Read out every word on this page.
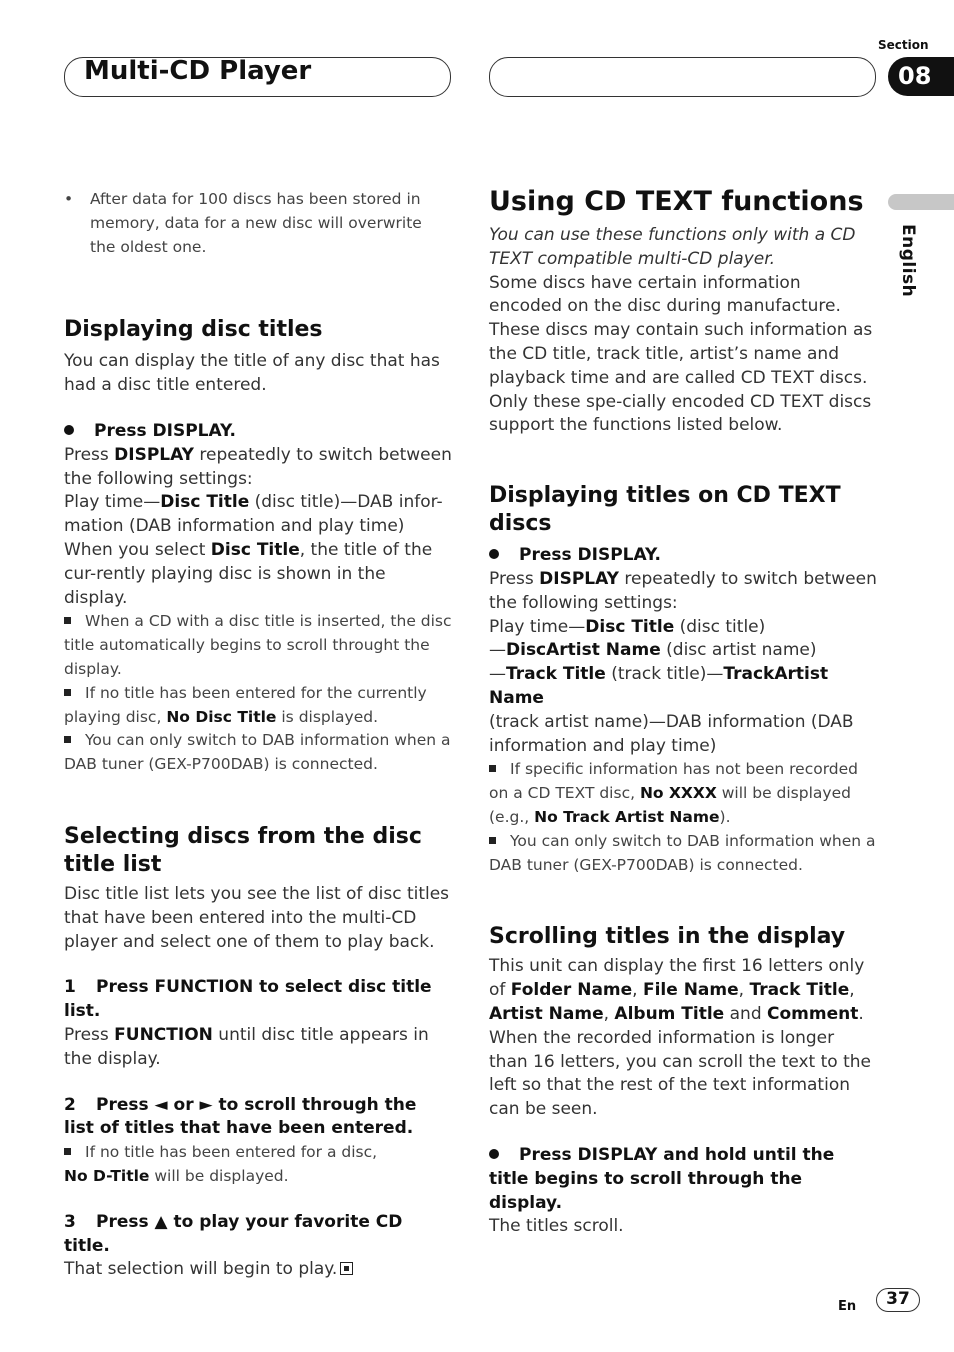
Multi-CD Player
Section
08
English

• After data for 100 discs has been stored in memory, data for a new disc will overwrite the oldest one.

Displaying disc titles

You can display the title of any disc that has had a disc title entered.

Press DISPLAY.

Press DISPLAY repeatedly to switch between the following settings:

Play time—Disc Title (disc title)—DAB infor-mation (DAB information and play time)

When you select Disc Title, the title of the cur-rently playing disc is shown in the display.

When a CD with a disc title is inserted, the disc title automatically begins to scroll throught the display.

If no title has been entered for the currently playing disc, No Disc Title is displayed.

You can only switch to DAB information when a DAB tuner (GEX-P700DAB) is connected.

Selecting discs from the disc title list

Disc title list lets you see the list of disc titles that have been entered into the multi-CD player and select one of them to play back.

1 Press FUNCTION to select disc title list.

Press FUNCTION until disc title appears in the display.

2 Press ◄ or ► to scroll through the list of titles that have been entered.

If no title has been entered for a disc,
No D-Title will be displayed.

3 Press ▲ to play your favorite CD title.

That selection will begin to play.

Using CD TEXT functions

You can use these functions only with a CD TEXT compatible multi-CD player.

Some discs have certain information encoded on the disc during manufacture. These discs may contain such information as the CD title, track title, artist’s name and playback time and are called CD TEXT discs. Only these spe-cially encoded CD TEXT discs support the functions listed below.

Displaying titles on CD TEXT discs

Press DISPLAY.

Press DISPLAY repeatedly to switch between the following settings:

Play time—Disc Title (disc title)

—DiscArtist Name (disc artist name)

—Track Title (track title)—TrackArtist Name

(track artist name)—DAB information (DAB information and play time)

If specific information has not been recorded on a CD TEXT disc, No XXXX will be displayed (e.g., No Track Artist Name).

You can only switch to DAB information when a DAB tuner (GEX-P700DAB) is connected.

Scrolling titles in the display

This unit can display the first 16 letters only of Folder Name, File Name, Track Title,
Artist Name, Album Title and Comment.

When the recorded information is longer than 16 letters, you can scroll the text to the left so that the rest of the text information can be seen.

Press DISPLAY and hold until the title begins to scroll through the display.

The titles scroll.

En	37
